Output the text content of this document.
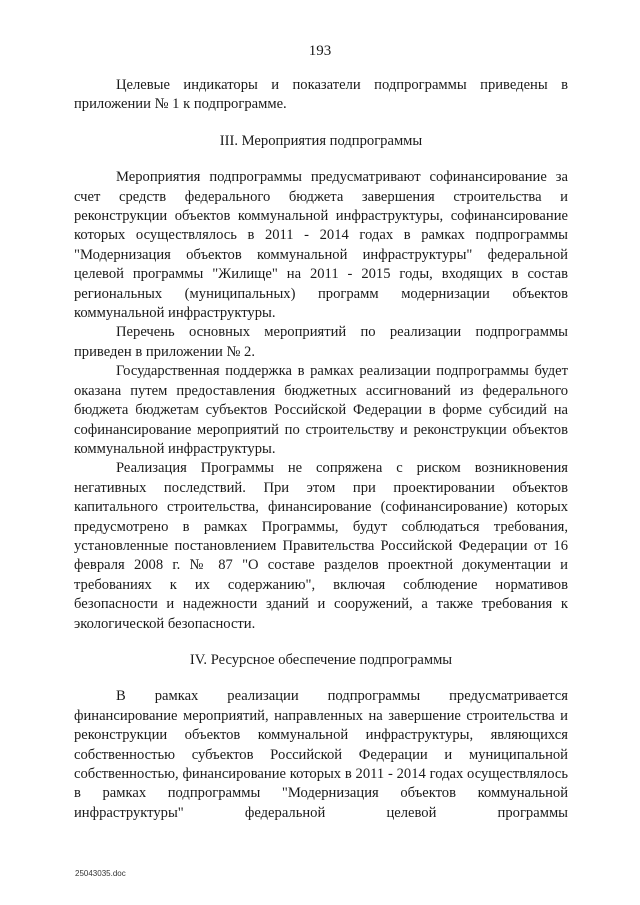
193

Целевые индикаторы и показатели подпрограммы приведены в приложении № 1 к подпрограмме.

III. Мероприятия подпрограммы

Мероприятия подпрограммы предусматривают софинансирование за счет средств федерального бюджета завершения строительства и реконструкции объектов коммунальной инфраструктуры, софинансирование которых осуществлялось в 2011 - 2014 годах в рамках подпрограммы "Модернизация объектов коммунальной инфраструктуры" федеральной целевой программы "Жилище" на 2011 - 2015 годы, входящих в состав региональных (муниципальных) программ модернизации объектов коммунальной инфраструктуры.

Перечень основных мероприятий по реализации подпрограммы приведен в приложении № 2.

Государственная поддержка в рамках реализации подпрограммы будет оказана путем предоставления бюджетных ассигнований из федерального бюджета бюджетам субъектов Российской Федерации в форме субсидий на софинансирование мероприятий по строительству и реконструкции объектов коммунальной инфраструктуры.

Реализация Программы не сопряжена с риском возникновения негативных последствий. При этом при проектировании объектов капитального строительства, финансирование (софинансирование) которых предусмотрено в рамках Программы, будут соблюдаться требования, установленные постановлением Правительства Российской Федерации от 16 февраля 2008 г. № 87 "О составе разделов проектной документации и требованиях к их содержанию", включая соблюдение нормативов безопасности и надежности зданий и сооружений, а также требования к экологической безопасности.

IV. Ресурсное обеспечение подпрограммы

В рамках реализации подпрограммы предусматривается финансирование мероприятий, направленных на завершение строительства и реконструкции объектов коммунальной инфраструктуры, являющихся собственностью субъектов Российской Федерации и муниципальной собственностью, финансирование которых в 2011 - 2014 годах осуществлялось в рамках подпрограммы "Модернизация объектов коммунальной инфраструктуры" федеральной целевой программы

25043035.doc
